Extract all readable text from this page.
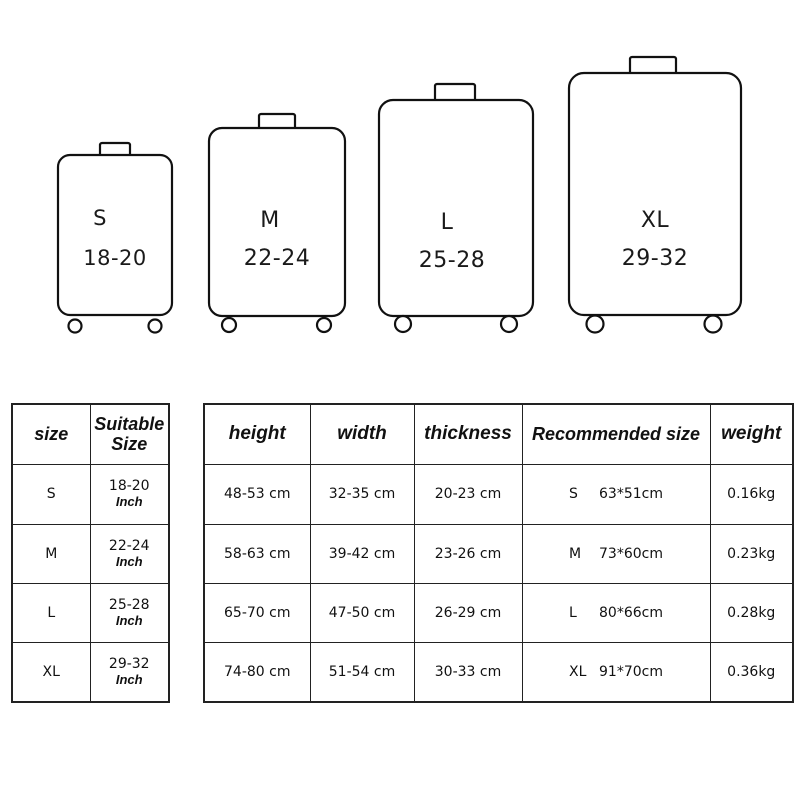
S
18-20
M
22-24
L
25-28
XL
29-32
size	Suitable
Size
S	18-20
Inch

M	22-24
Inch

L	25-28
Inch

XL	29-32
Inch
height	width	thickness	Recommended size	weight
48-53 cm	32-35 cm	20-23 cm	S 63*51cm	0.16kg
58-63 cm	39-42 cm	23-26 cm	M 73*60cm	0.23kg
65-70 cm	47-50 cm	26-29 cm	L 80*66cm	0.28kg
74-80 cm	51-54 cm	30-33 cm	XL 91*70cm	0.36kg
